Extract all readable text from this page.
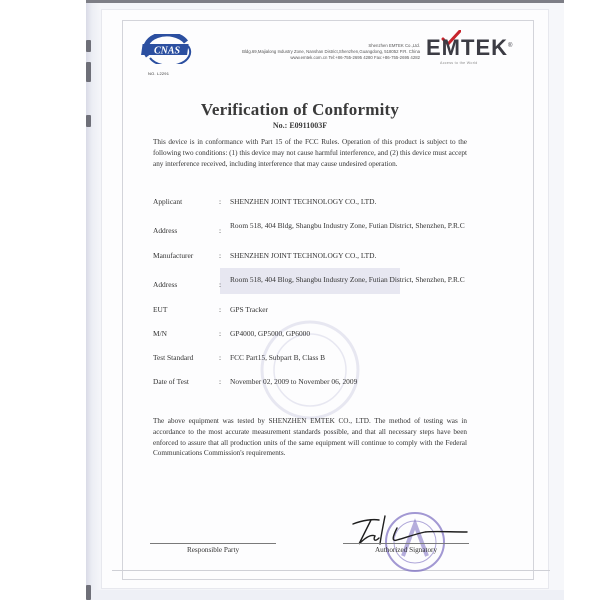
CNAS
NO. L2291
Shenzhen EMTEK Co.,Ltd.
Bldg.69,Majialong Industry Zone, Nanshan District,Shenzhen,Guangdong, 518052 P.R. China
www.emtek.com.cn Tel:+86-755-2695 4280 Fax:+86-755-2695 4282 EMTEK®
Access to the World
Verification of Conformity
No.: E0911003F
This device is in conformance with Part 15 of the FCC Rules. Operation of this product is subject to the following two conditions: (1) this device may not cause harmful interference, and (2) this device must accept any interference received, including interference that may cause undesired operation.
Applicant	: SHENZHEN JOINT TECHNOLOGY CO., LTD.
Address	:
Room 518, 404 Bldg, Shangbu Industry Zone, Futian District, Shenzhen, P.R.C
Manufacturer	: SHENZHEN JOINT TECHNOLOGY CO., LTD.
Address	:
Room 518, 404 Blog, Shangbu Industry Zone, Futian District, Shenzhen, P.R.C
EUT	: GPS Tracker
M/N	: GP4000, GP5000, GP6000
Test Standard	: FCC Part15, Subpart B, Class B
Date of Test	: November 02, 2009 to November 06, 2009
The above equipment was tested by SHENZHEN EMTEK CO., LTD. The method of testing was in accordance to the most accurate measurement standards possible, and that all necessary steps have been enforced to assure that all production units of the same equipment will continue to comply with the Federal Communications Commission's requirements.
Responsible Party	Authorized Signatory
